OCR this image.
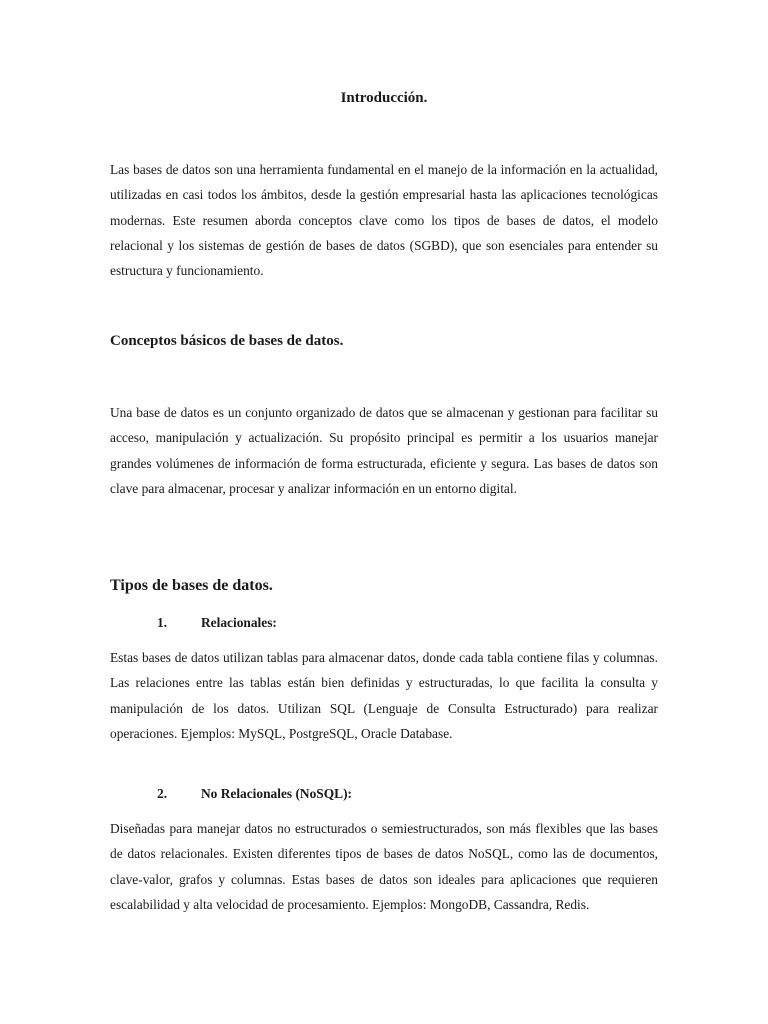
Introducción.

Las bases de datos son una herramienta fundamental en el manejo de la información en la actualidad, utilizadas en casi todos los ámbitos, desde la gestión empresarial hasta las aplicaciones tecnológicas modernas. Este resumen aborda conceptos clave como los tipos de bases de datos, el modelo relacional y los sistemas de gestión de bases de datos (SGBD), que son esenciales para entender su estructura y funcionamiento.

Conceptos básicos de bases de datos.

Una base de datos es un conjunto organizado de datos que se almacenan y gestionan para facilitar su acceso, manipulación y actualización. Su propósito principal es permitir a los usuarios manejar grandes volúmenes de información de forma estructurada, eficiente y segura. Las bases de datos son clave para almacenar, procesar y analizar información en un entorno digital.

Tipos de bases de datos.
1.	Relacionales:

Estas bases de datos utilizan tablas para almacenar datos, donde cada tabla contiene filas y columnas. Las relaciones entre las tablas están bien definidas y estructuradas, lo que facilita la consulta y manipulación de los datos. Utilizan SQL (Lenguaje de Consulta Estructurado) para realizar operaciones. Ejemplos: MySQL, PostgreSQL, Oracle Database.

2.	No Relacionales (NoSQL):

Diseñadas para manejar datos no estructurados o semiestructurados, son más flexibles que las bases de datos relacionales. Existen diferentes tipos de bases de datos NoSQL, como las de documentos, clave-valor, grafos y columnas. Estas bases de datos son ideales para aplicaciones que requieren escalabilidad y alta velocidad de procesamiento. Ejemplos: MongoDB, Cassandra, Redis.
